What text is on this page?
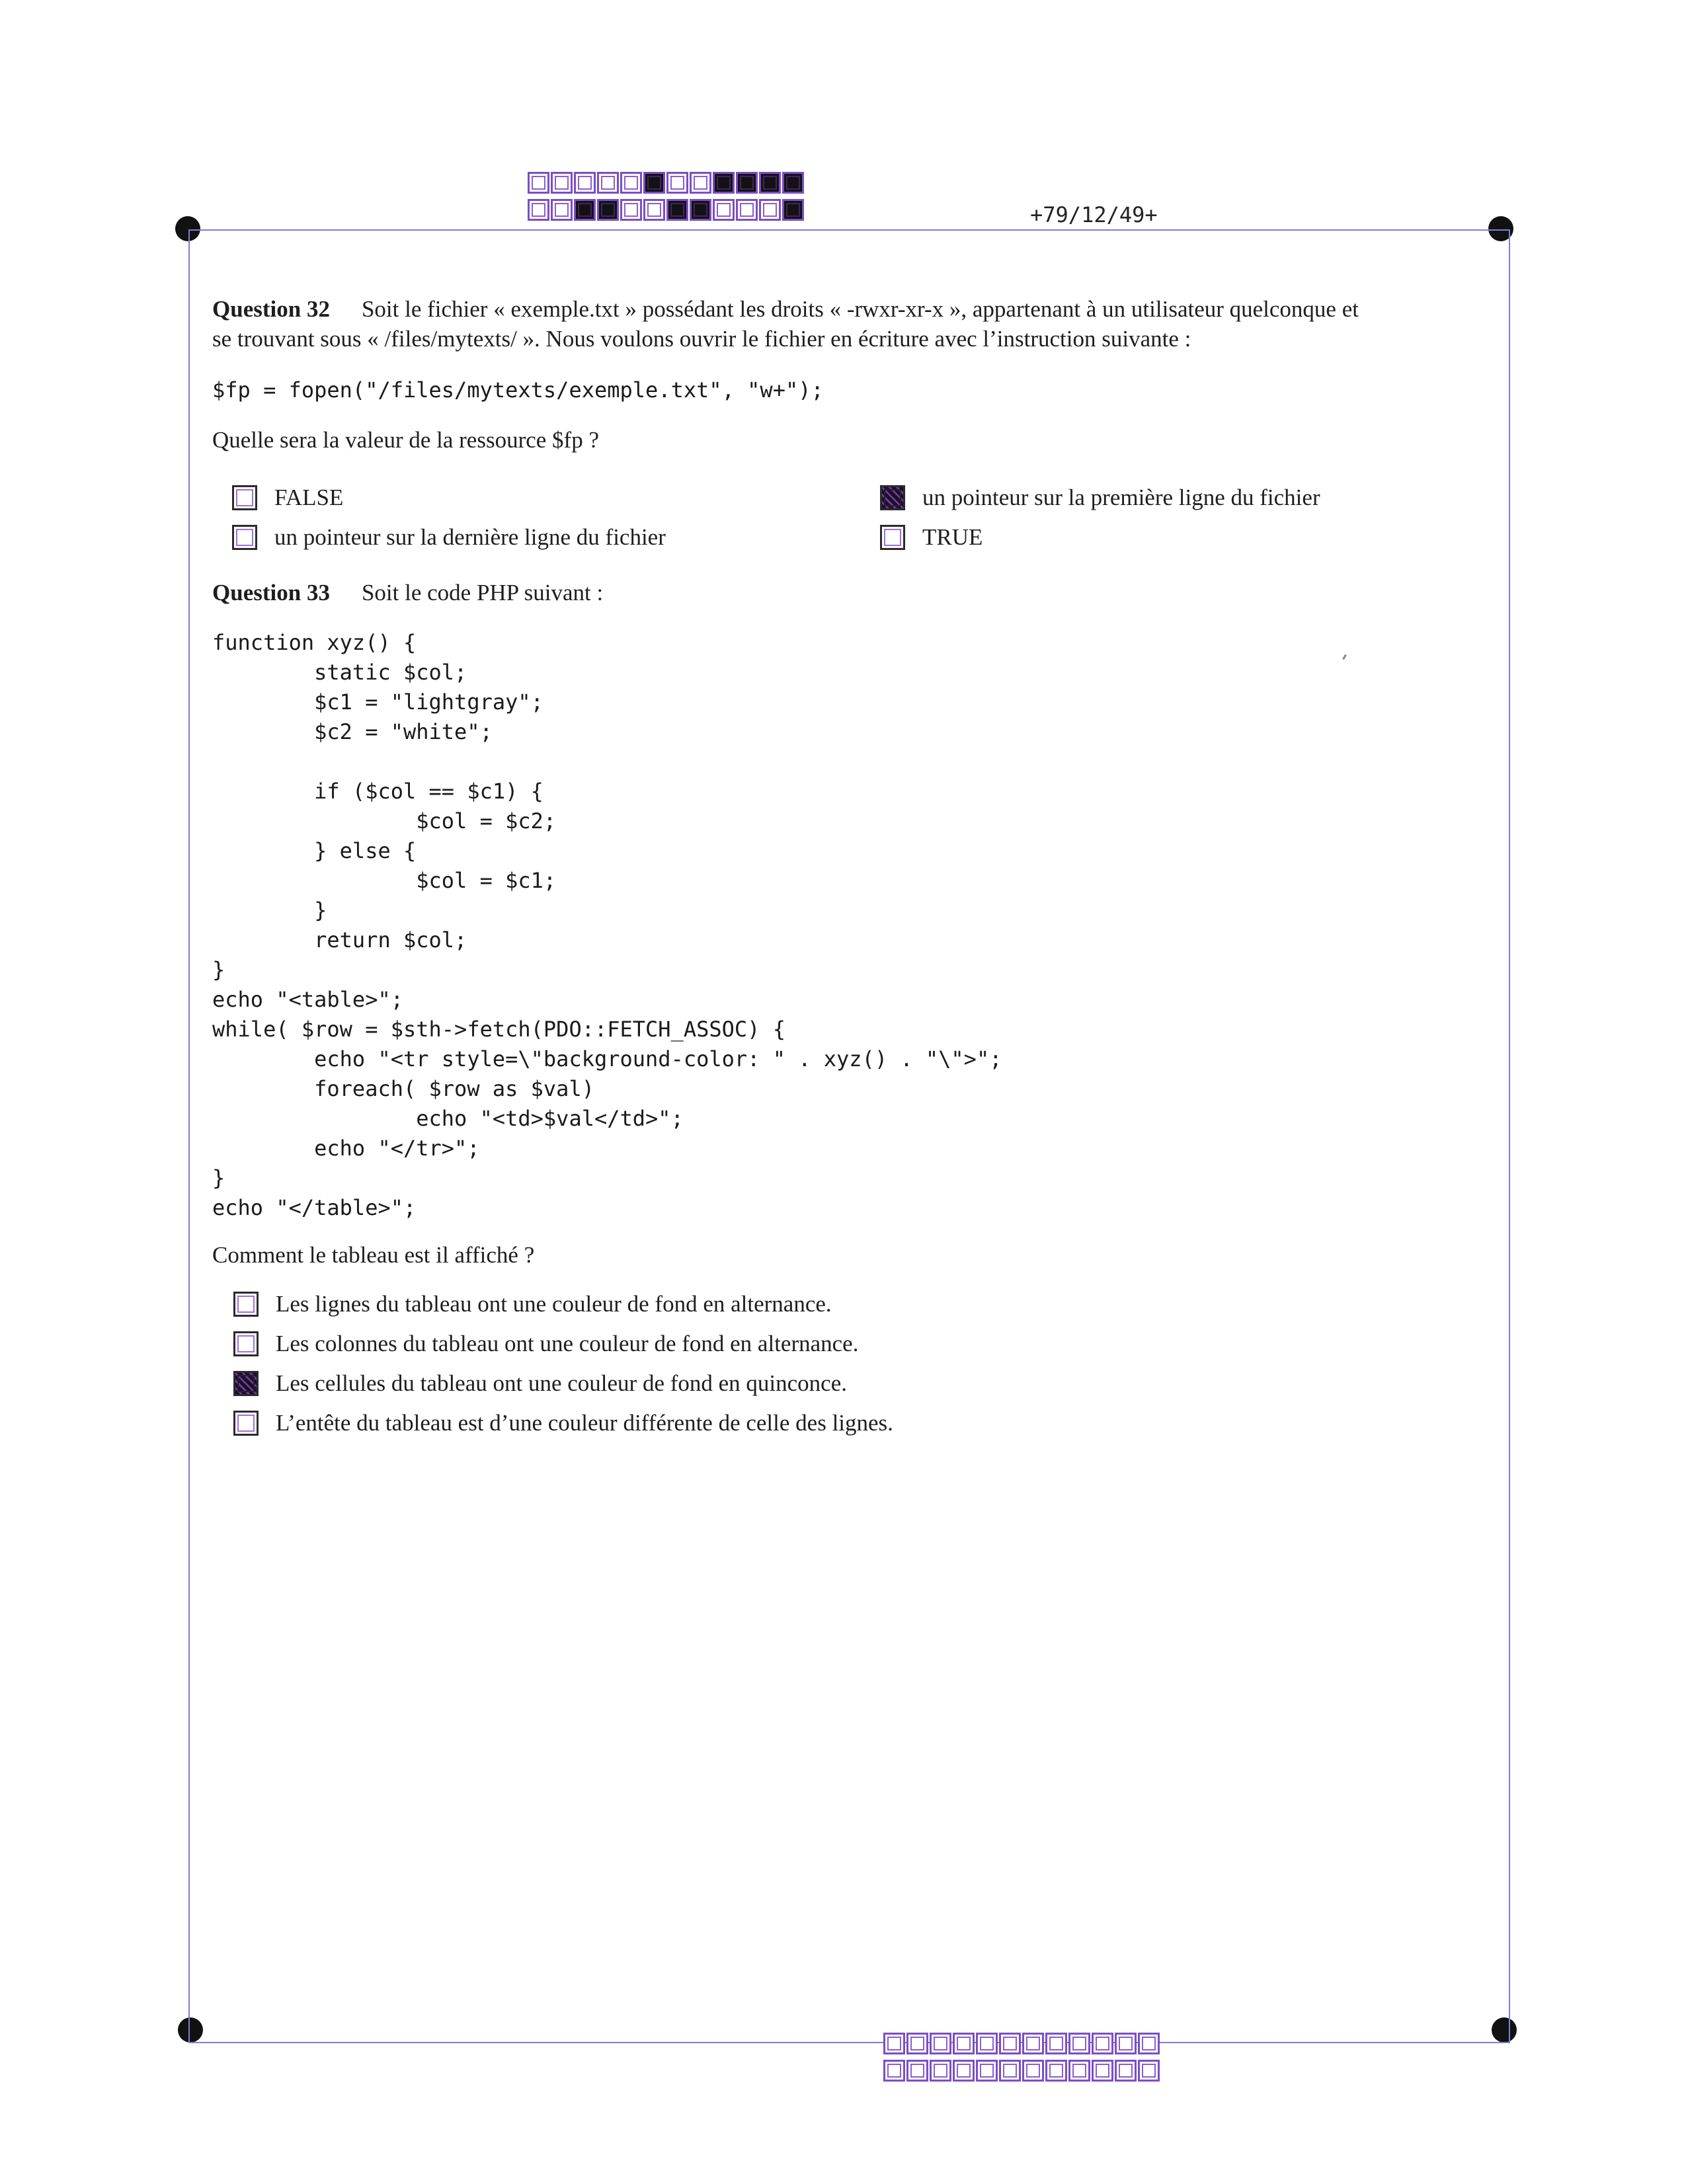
+79/12/49+
Question 32 Soit le fichier « exemple.txt » possédant les droits « -rwxr-xr-x », appartenant à un utilisateur quelconque et
se trouvant sous « /files/mytexts/ ». Nous voulons ouvrir le fichier en écriture avec l’instruction suivante :
$fp = fopen("/files/mytexts/exemple.txt", "w+");
Quelle sera la valeur de la ressource $fp ?
FALSE
un pointeur sur la dernière ligne du fichier
un pointeur sur la première ligne du fichier
TRUE
Question 33 Soit le code PHP suivant :
function xyz() {
static $col;
$c1 = "lightgray";
$c2 = "white";

if ($col == $c1) {
$col = $c2;
} else {
$col = $c1;
}
return $col;
}
echo "<table>";
while( $row = $sth->fetch(PDO::FETCH_ASSOC) {
echo "<tr style=\"background-color: " . xyz() . "\">";
foreach( $row as $val)
echo "<td>$val</td>";
echo "</tr>";
}
echo "</table>";
Comment le tableau est il affiché ?
Les lignes du tableau ont une couleur de fond en alternance.
Les colonnes du tableau ont une couleur de fond en alternance.
Les cellules du tableau ont une couleur de fond en quinconce.
L’entête du tableau est d’une couleur différente de celle des lignes.
